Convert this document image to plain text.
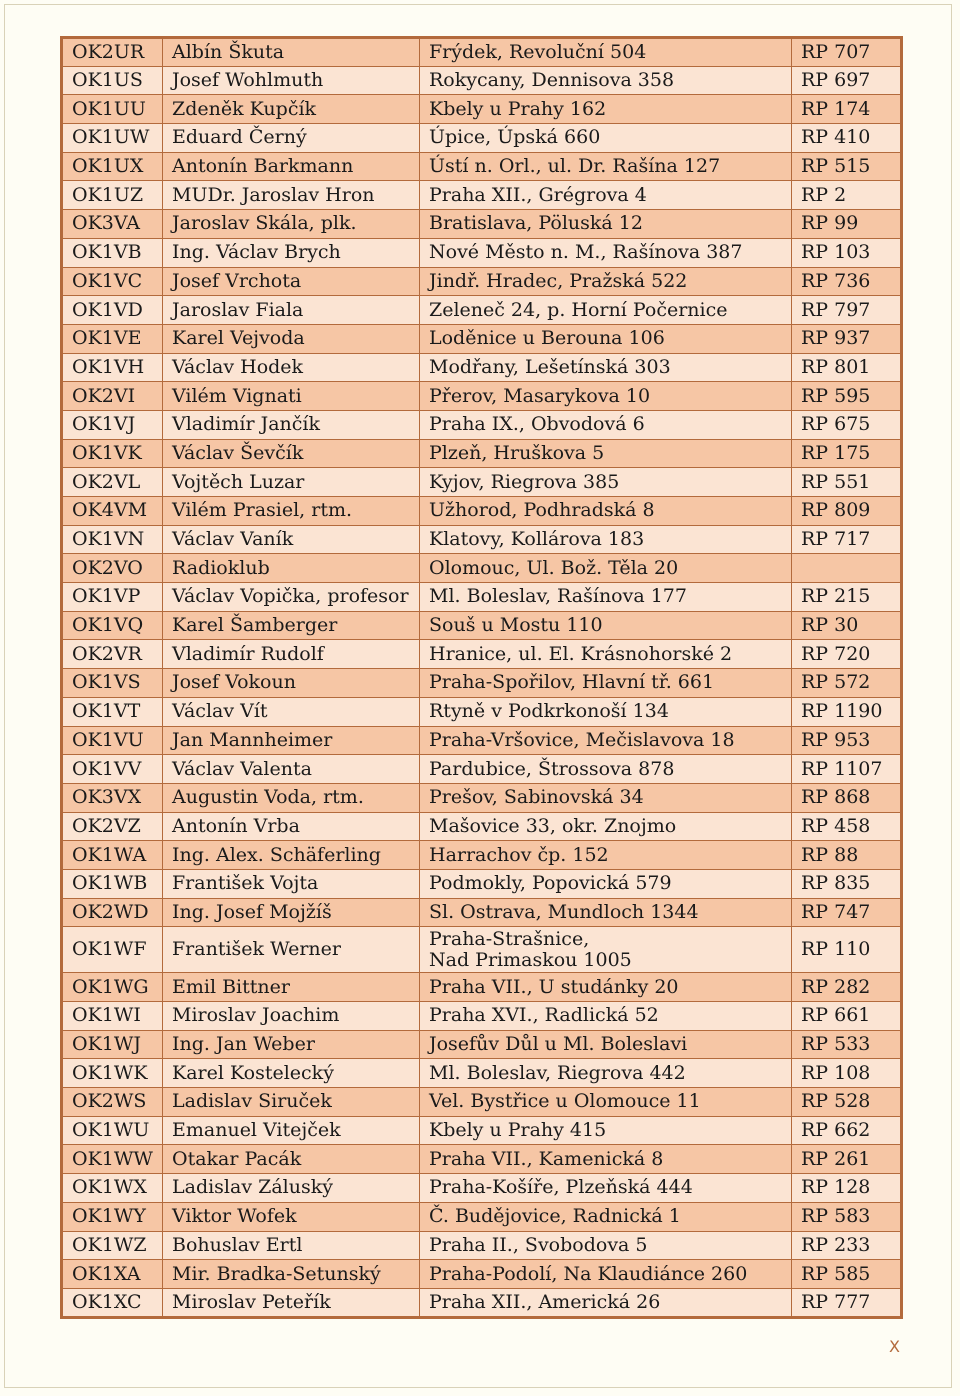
OK2UR	Albín Škuta	Frýdek, Revoluční 504	RP 707
OK1US	Josef Wohlmuth	Rokycany, Dennisova 358	RP 697
OK1UU	Zdeněk Kupčík	Kbely u Prahy 162	RP 174
OK1UW	Eduard Černý	Úpice, Úpská 660	RP 410
OK1UX	Antonín Barkmann	Ústí n. Orl., ul. Dr. Rašína 127	RP 515
OK1UZ	MUDr. Jaroslav Hron	Praha XII., Grégrova 4	RP 2
OK3VA	Jaroslav Skála, plk.	Bratislava, Pöluská 12	RP 99
OK1VB	Ing. Václav Brych	Nové Město n. M., Rašínova 387	RP 103
OK1VC	Josef Vrchota	Jindř. Hradec, Pražská 522	RP 736
OK1VD	Jaroslav Fiala	Zeleneč 24, p. Horní Počernice	RP 797
OK1VE	Karel Vejvoda	Loděnice u Berouna 106	RP 937
OK1VH	Václav Hodek	Modřany, Lešetínská 303	RP 801
OK2VI	Vilém Vignati	Přerov, Masarykova 10	RP 595
OK1VJ	Vladimír Jančík	Praha IX., Obvodová 6	RP 675
OK1VK	Václav Ševčík	Plzeň, Hruškova 5	RP 175
OK2VL	Vojtěch Luzar	Kyjov, Riegrova 385	RP 551
OK4VM	Vilém Prasiel, rtm.	Užhorod, Podhradská 8	RP 809
OK1VN	Václav Vaník	Klatovy, Kollárova 183	RP 717
OK2VO	Radioklub	Olomouc, Ul. Bož. Těla 20	
OK1VP	Václav Vopička, profesor	Ml. Boleslav, Rašínova 177	RP 215
OK1VQ	Karel Šamberger	Souš u Mostu 110	RP 30
OK2VR	Vladimír Rudolf	Hranice, ul. El. Krásnohorské 2	RP 720
OK1VS	Josef Vokoun	Praha-Spořilov, Hlavní tř. 661	RP 572
OK1VT	Václav Vít	Rtyně v Podkrkonoší 134	RP 1190
OK1VU	Jan Mannheimer	Praha-Vršovice, Mečislavova 18	RP 953
OK1VV	Václav Valenta	Pardubice, Štrossova 878	RP 1107
OK3VX	Augustin Voda, rtm.	Prešov, Sabinovská 34	RP 868
OK2VZ	Antonín Vrba	Mašovice 33, okr. Znojmo	RP 458
OK1WA	Ing. Alex. Schäferling	Harrachov čp. 152	RP 88
OK1WB	František Vojta	Podmokly, Popovická 579	RP 835
OK2WD	Ing. Josef Mojžíš	Sl. Ostrava, Mundloch 1344	RP 747
OK1WF	František Werner	Praha-Strašnice,
Nad Primaskou 1005	RP 110
OK1WG	Emil Bittner	Praha VII., U studánky 20	RP 282
OK1WI	Miroslav Joachim	Praha XVI., Radlická 52	RP 661
OK1WJ	Ing. Jan Weber	Josefův Důl u Ml. Boleslavi	RP 533
OK1WK	Karel Kostelecký	Ml. Boleslav, Riegrova 442	RP 108
OK2WS	Ladislav Siruček	Vel. Bystřice u Olomouce 11	RP 528
OK1WU	Emanuel Vitejček	Kbely u Prahy 415	RP 662
OK1WW	Otakar Pacák	Praha VII., Kamenická 8	RP 261
OK1WX	Ladislav Záluský	Praha-Košíře, Plzeňská 444	RP 128
OK1WY	Viktor Wofek	Č. Budějovice, Radnická 1	RP 583
OK1WZ	Bohuslav Ertl	Praha II., Svobodova 5	RP 233
OK1XA	Mir. Bradka-Setunský	Praha-Podolí, Na Klaudiánce 260	RP 585
OK1XC	Miroslav Peteřík	Praha XII., Americká 26	RP 777
X
